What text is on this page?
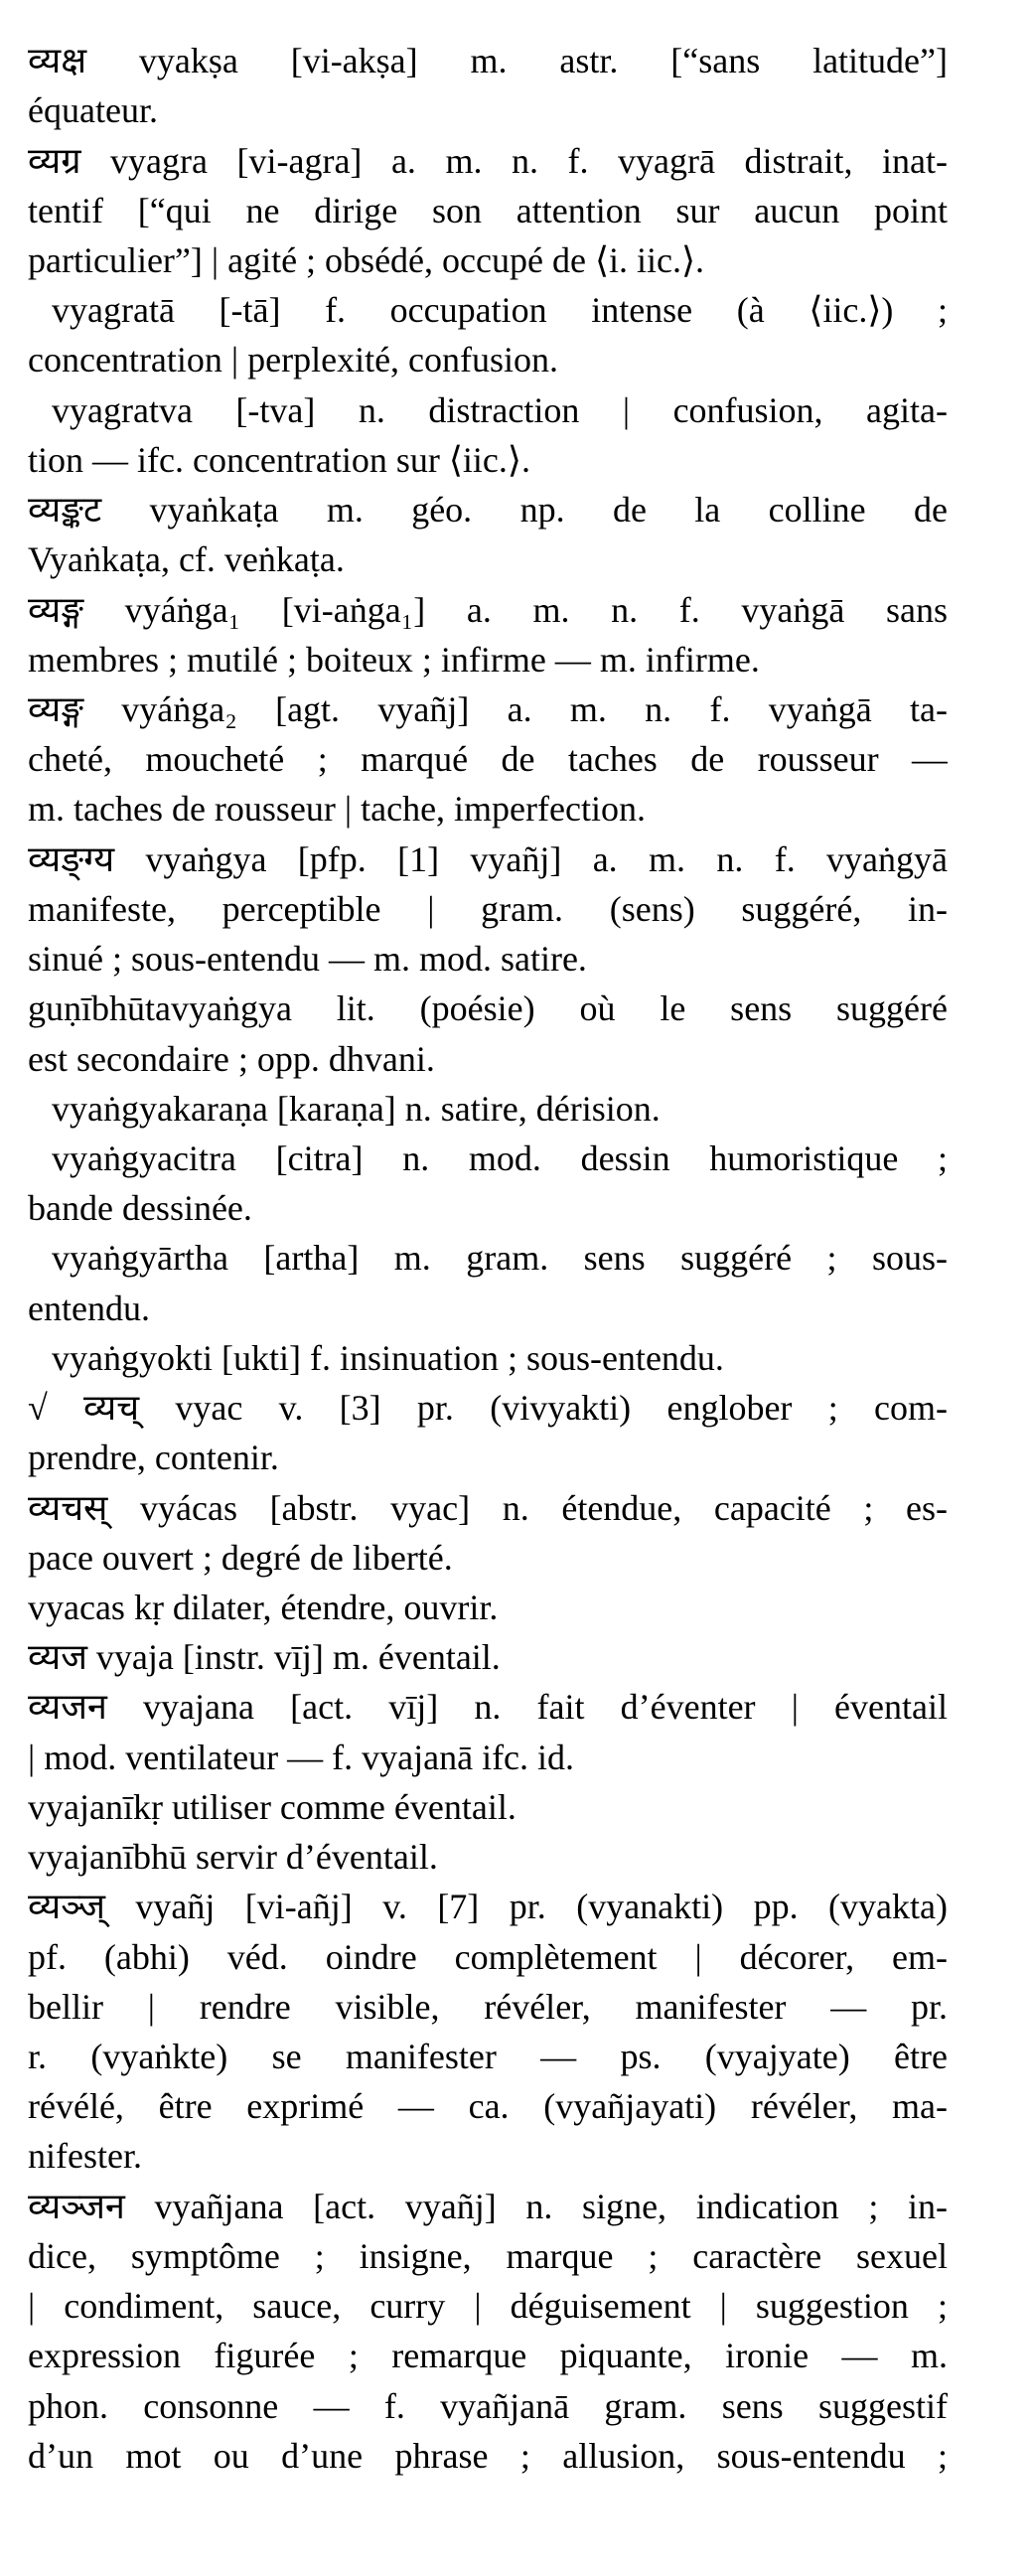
व्यक्ष vyakṣa [vi-akṣa] m. astr. [“sans latitude”]
équateur.
व्यग्र vyagra [vi-agra] a. m. n. f. vyagrā distrait, inat-
tentif [“qui ne dirige son attention sur aucun point
particulier”] | agité ; obsédé, occupé de ⟨i. iic.⟩.
vyagratā [-tā] f. occupation intense (à ⟨iic.⟩) ;
concentration | perplexité, confusion.
vyagratva [-tva] n. distraction | confusion, agita-
tion — ifc. concentration sur ⟨iic.⟩.
व्यङ्कट vyaṅkaṭa m. géo. np. de la colline de
Vyaṅkaṭa, cf. veṅkaṭa.
व्यङ्ग vyáṅga₁ [vi-aṅga₁] a. m. n. f. vyaṅgā sans
membres ; mutilé ; boiteux ; infirme — m. infirme.
व्यङ्ग vyáṅga₂ [agt. vyañj] a. m. n. f. vyaṅgā ta-
cheté, moucheté ; marqué de taches de rousseur —
m. taches de rousseur | tache, imperfection.
व्यङ्ग्य vyaṅgya [pfp. [1] vyañj] a. m. n. f. vyaṅgyā
manifeste, perceptible | gram. (sens) suggéré, in-
sinué ; sous-entendu — m. mod. satire.
guṇībhūtavyaṅgya lit. (poésie) où le sens suggéré
est secondaire ; opp. dhvani.
vyaṅgyakaraṇa [karaṇa] n. satire, dérision.
vyaṅgyacitra [citra] n. mod. dessin humoristique ;
bande dessinée.
vyaṅgyārtha [artha] m. gram. sens suggéré ; sous-
entendu.
vyaṅgyokti [ukti] f. insinuation ; sous-entendu.
√ व्यच् vyac v. [3] pr. (vivyakti) englober ; com-
prendre, contenir.
व्यचस् vyácas [abstr. vyac] n. étendue, capacité ; es-
pace ouvert ; degré de liberté.
vyacas kṛ dilater, étendre, ouvrir.
व्यज vyaja [instr. vīj] m. éventail.
व्यजन vyajana [act. vīj] n. fait d’éventer | éventail
| mod. ventilateur — f. vyajanā ifc. id.
vyajanīkṛ utiliser comme éventail.
vyajanībhū servir d’éventail.
व्यञ्ज् vyañj [vi-añj] v. [7] pr. (vyanakti) pp. (vyakta)
pf. (abhi) véd. oindre complètement | décorer, em-
bellir | rendre visible, révéler, manifester — pr.
r. (vyaṅkte) se manifester — ps. (vyajyate) être
révélé, être exprimé — ca. (vyañjayati) révéler, ma-
nifester.
व्यञ्जन vyañjana [act. vyañj] n. signe, indication ; in-
dice, symptôme ; insigne, marque ; caractère sexuel
| condiment, sauce, curry | déguisement | suggestion ;
expression figurée ; remarque piquante, ironie — m.
phon. consonne — f. vyañjanā gram. sens suggestif
d’un mot ou d’une phrase ; allusion, sous-entendu ;
